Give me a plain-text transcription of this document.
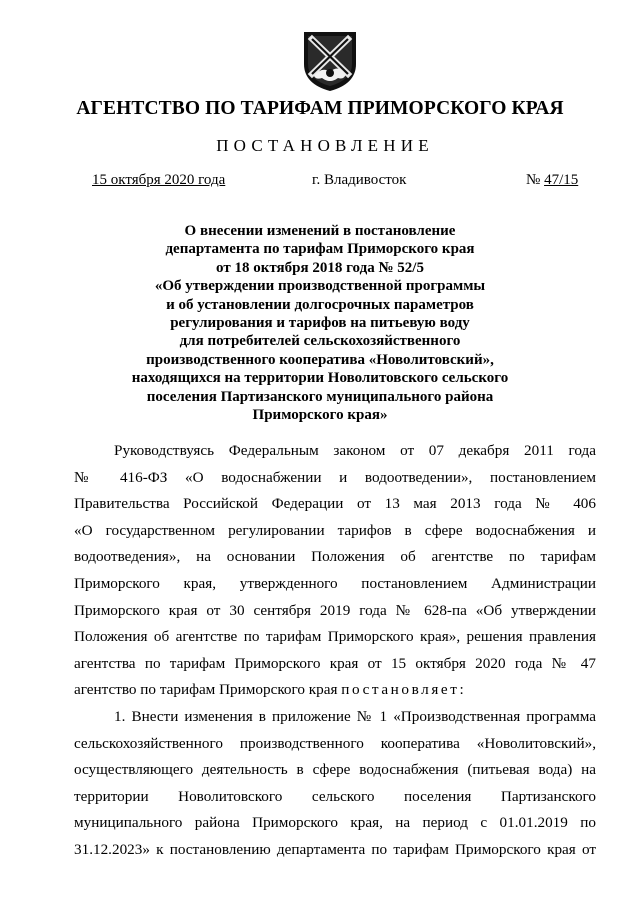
АГЕНТСТВО ПО ТАРИФАМ ПРИМОРСКОГО КРАЯ
ПОСТАНОВЛЕНИЕ
15 октября 2020 года	г. Владивосток	№ 47/15
О внесении изменений в постановление
департамента по тарифам Приморского края
от 18 октября 2018 года № 52/5
«Об утверждении производственной программы
и об установлении долгосрочных параметров
регулирования и тарифов на питьевую воду
для потребителей сельскохозяйственного
производственного кооператива «Новолитовский»,
находящихся на территории Новолитовского сельского
поселения Партизанского муниципального района
Приморского края»
Руководствуясь Федеральным законом от 07 декабря 2011 года
№ 416-ФЗ «О водоснабжении и водоотведении», постановлением
Правительства Российской Федерации от 13 мая 2013 года № 406
«О государственном регулировании тарифов в сфере водоснабжения и
водоотведения», на основании Положения об агентстве по тарифам
Приморского края, утвержденного постановлением Администрации
Приморского края от 30 сентября 2019 года № 628-па «Об утверждении
Положения об агентстве по тарифам Приморского края», решения правления
агентства по тарифам Приморского края от 15 октября 2020 года № 47
агентство по тарифам Приморского края постановляет:
1. Внести изменения в приложение № 1 «Производственная программа
сельскохозяйственного производственного кооператива «Новолитовский»,
осуществляющего деятельность в сфере водоснабжения (питьевая вода) на
территории Новолитовского сельского поселения Партизанского
муниципального района Приморского края, на период с 01.01.2019 по
31.12.2023» к постановлению департамента по тарифам Приморского края от
